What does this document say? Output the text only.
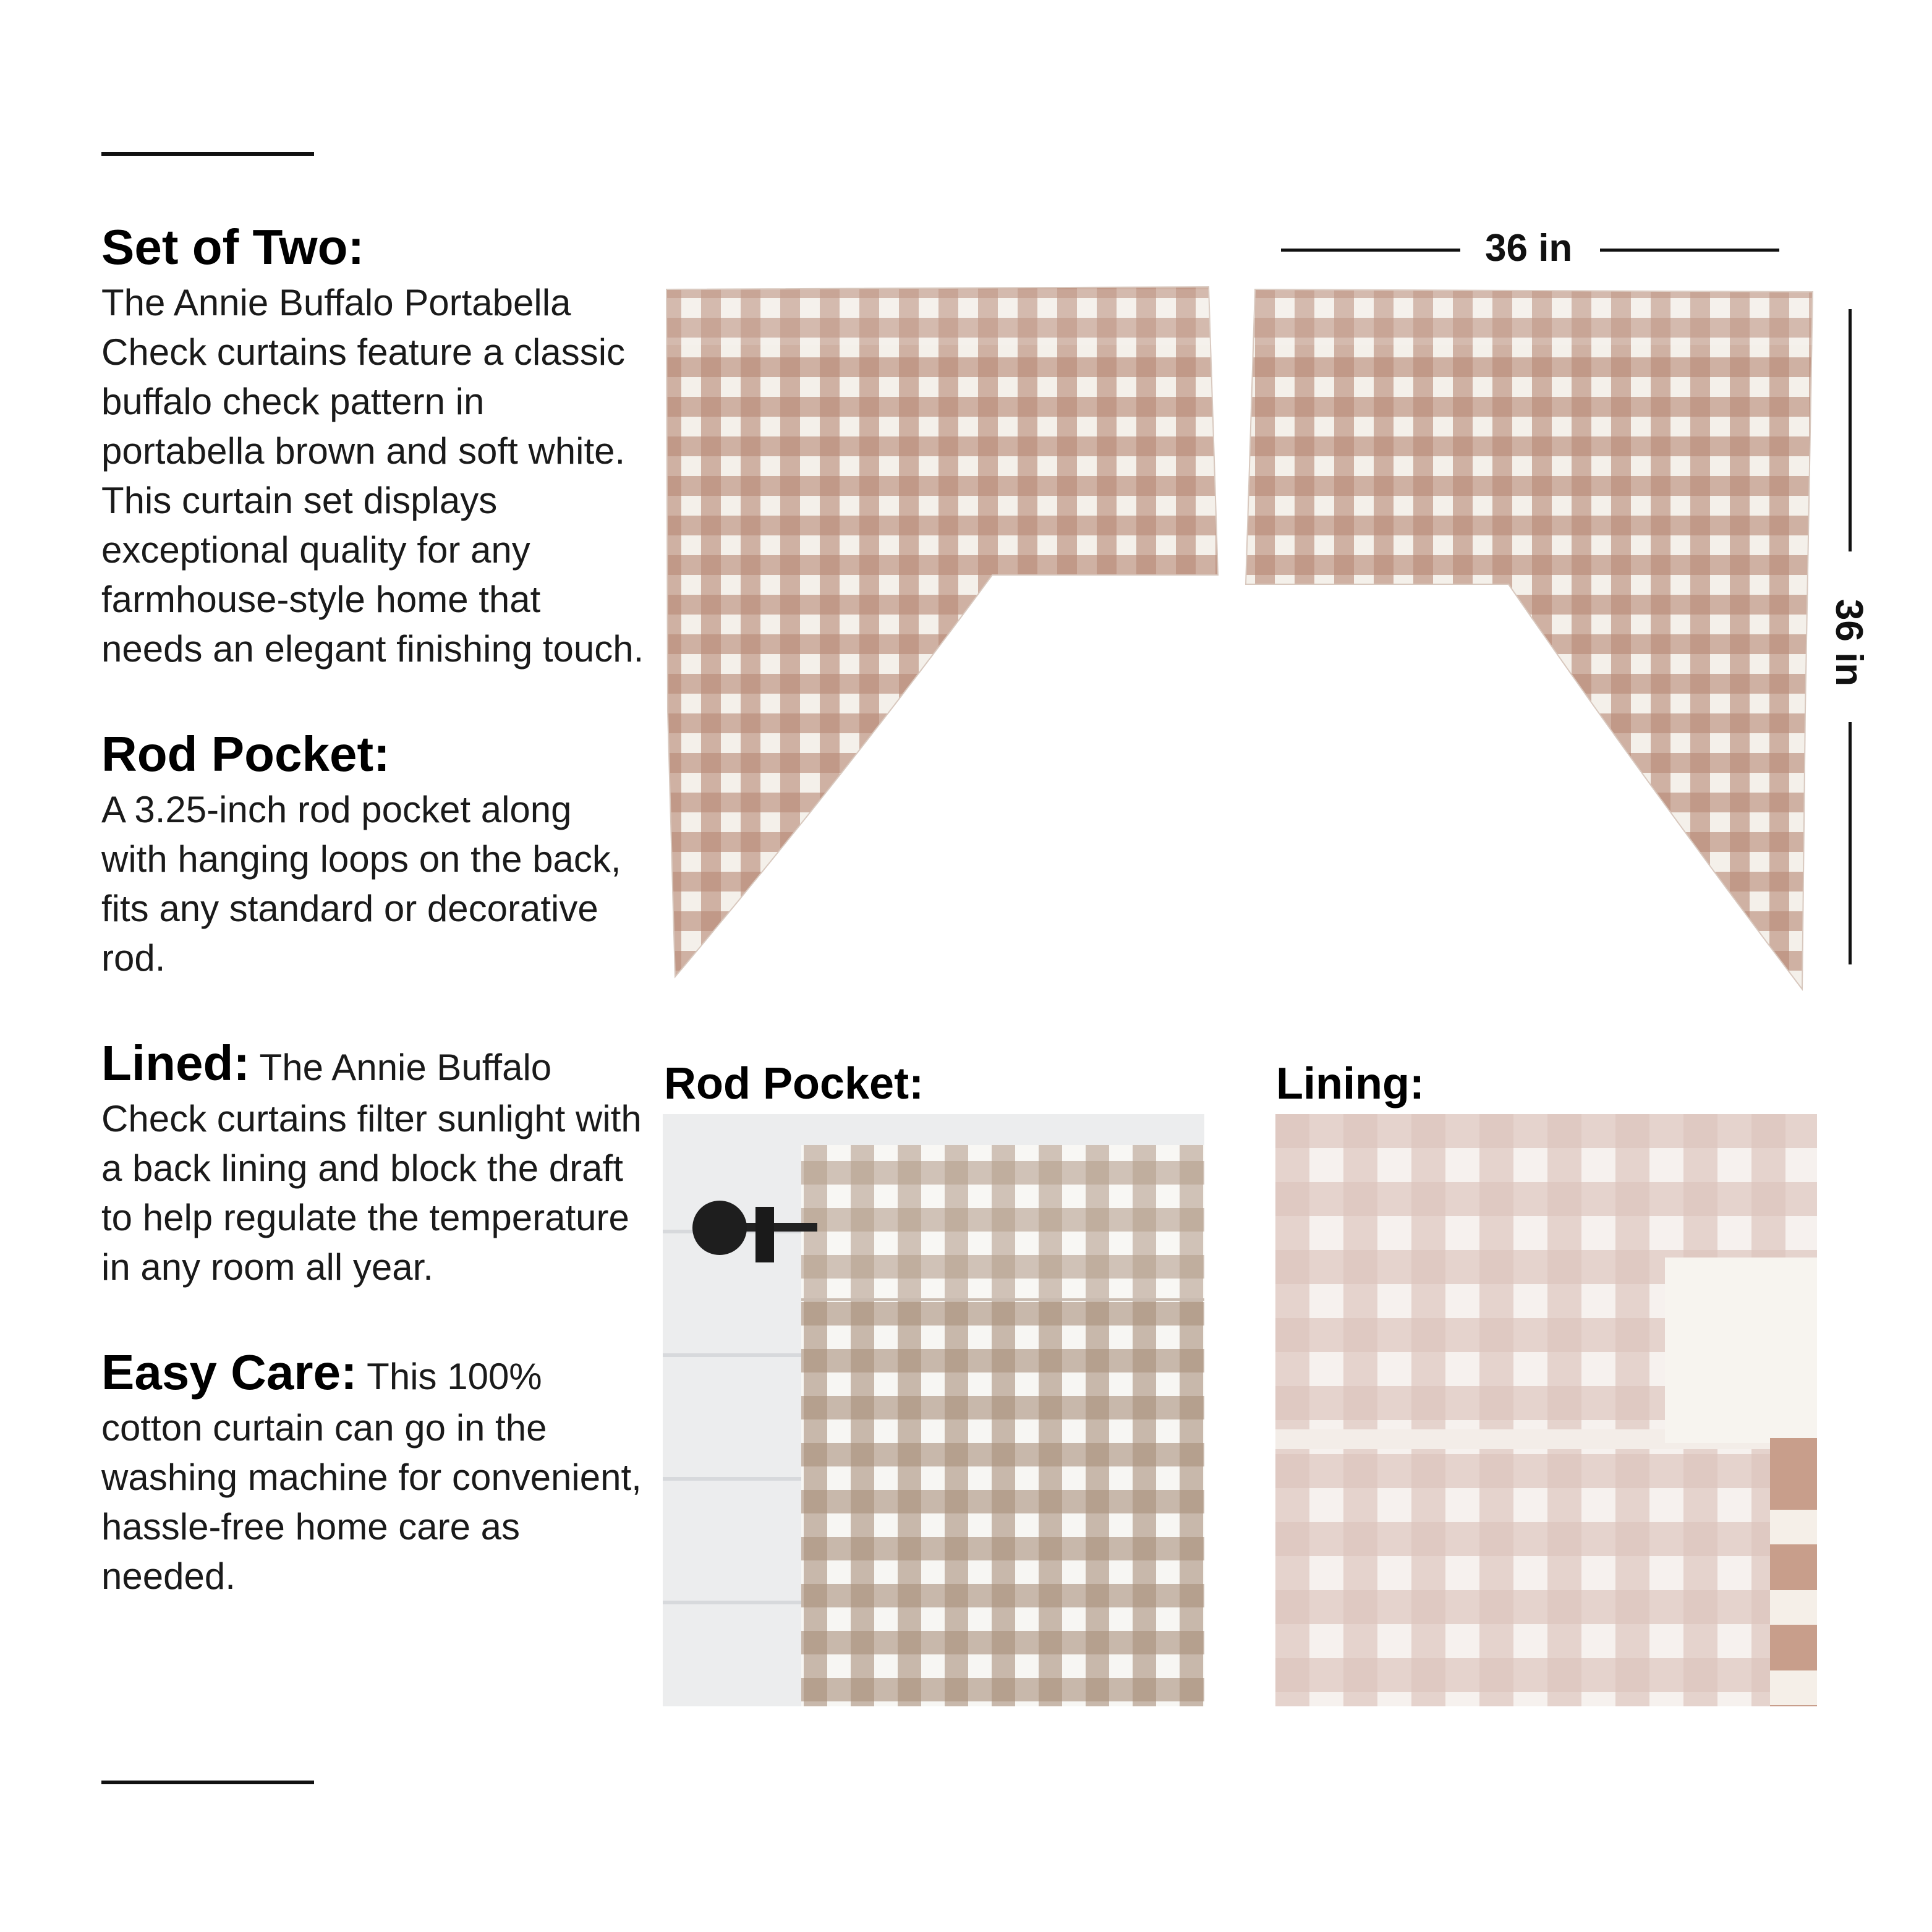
Set of Two:
The Annie Buffalo Portabella Check curtains feature a classic buffalo check pattern in portabella brown and soft white. This curtain set displays exceptional quality for any farmhouse-style home that needs an elegant finishing touch.
Rod Pocket:
A 3.25-inch rod pocket along with hanging loops on the back, fits any standard or decorative rod.
Lined: The Annie Buffalo Check curtains filter sunlight with a back lining and block the draft to help regulate the temperature in any room all year.
Easy Care: This 100% cotton curtain can go in the washing machine for convenient, hassle-free home care as needed.
36 in
36 in
Rod Pocket:	Lining:
